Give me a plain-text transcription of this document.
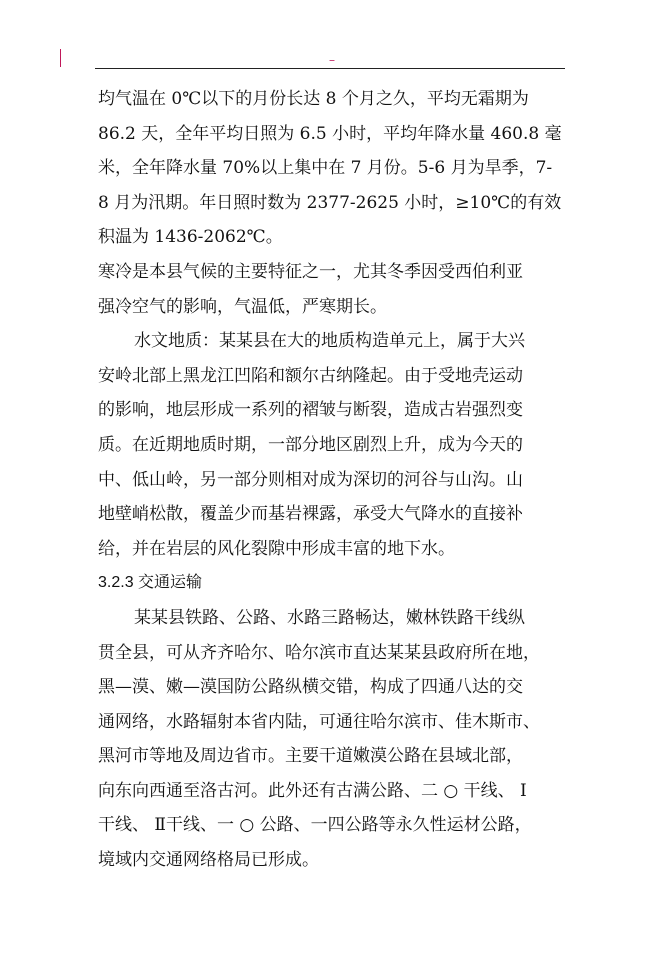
–
均气温在 0℃以下的月份长达 8 个月之久，平均无霜期为
86.2 天，全年平均日照为 6.5 小时，平均年降水量 460.8 毫
米，全年降水量 70%以上集中在 7 月份。5-6 月为旱季，7-
8 月为汛期。年日照时数为 2377-2625 小时，≥10℃的有效
积温为 1436-2062℃。
寒冷是本县气候的主要特征之一，尤其冬季因受西伯利亚
强冷空气的影响，气温低，严寒期长。
水文地质：某某县在大的地质构造单元上，属于大兴
安岭北部上黑龙江凹陷和额尔古纳隆起。由于受地壳运动
的影响，地层形成一系列的褶皱与断裂，造成古岩强烈变
质。在近期地质时期，一部分地区剧烈上升，成为今天的
中、低山岭，另一部分则相对成为深切的河谷与山沟。山
地壁峭松散，覆盖少而基岩裸露，承受大气降水的直接补
给，并在岩层的风化裂隙中形成丰富的地下水。
3.2.3 交通运输
某某县铁路、公路、水路三路畅达，嫩林铁路干线纵
贯全县，可从齐齐哈尔、哈尔滨市直达某某县政府所在地，
黑—漠、嫩—漠国防公路纵横交错，构成了四通八达的交
通网络，水路辐射本省内陆，可通往哈尔滨市、佳木斯市、
黑河市等地及周边省市。主要干道嫩漠公路在县域北部，
向东向西通至洛古河。此外还有古满公路、二 ○ 干线、 Ⅰ
干线、 Ⅱ干线、一 ○ 公路、一四公路等永久性运材公路，
境域内交通网络格局已形成。
